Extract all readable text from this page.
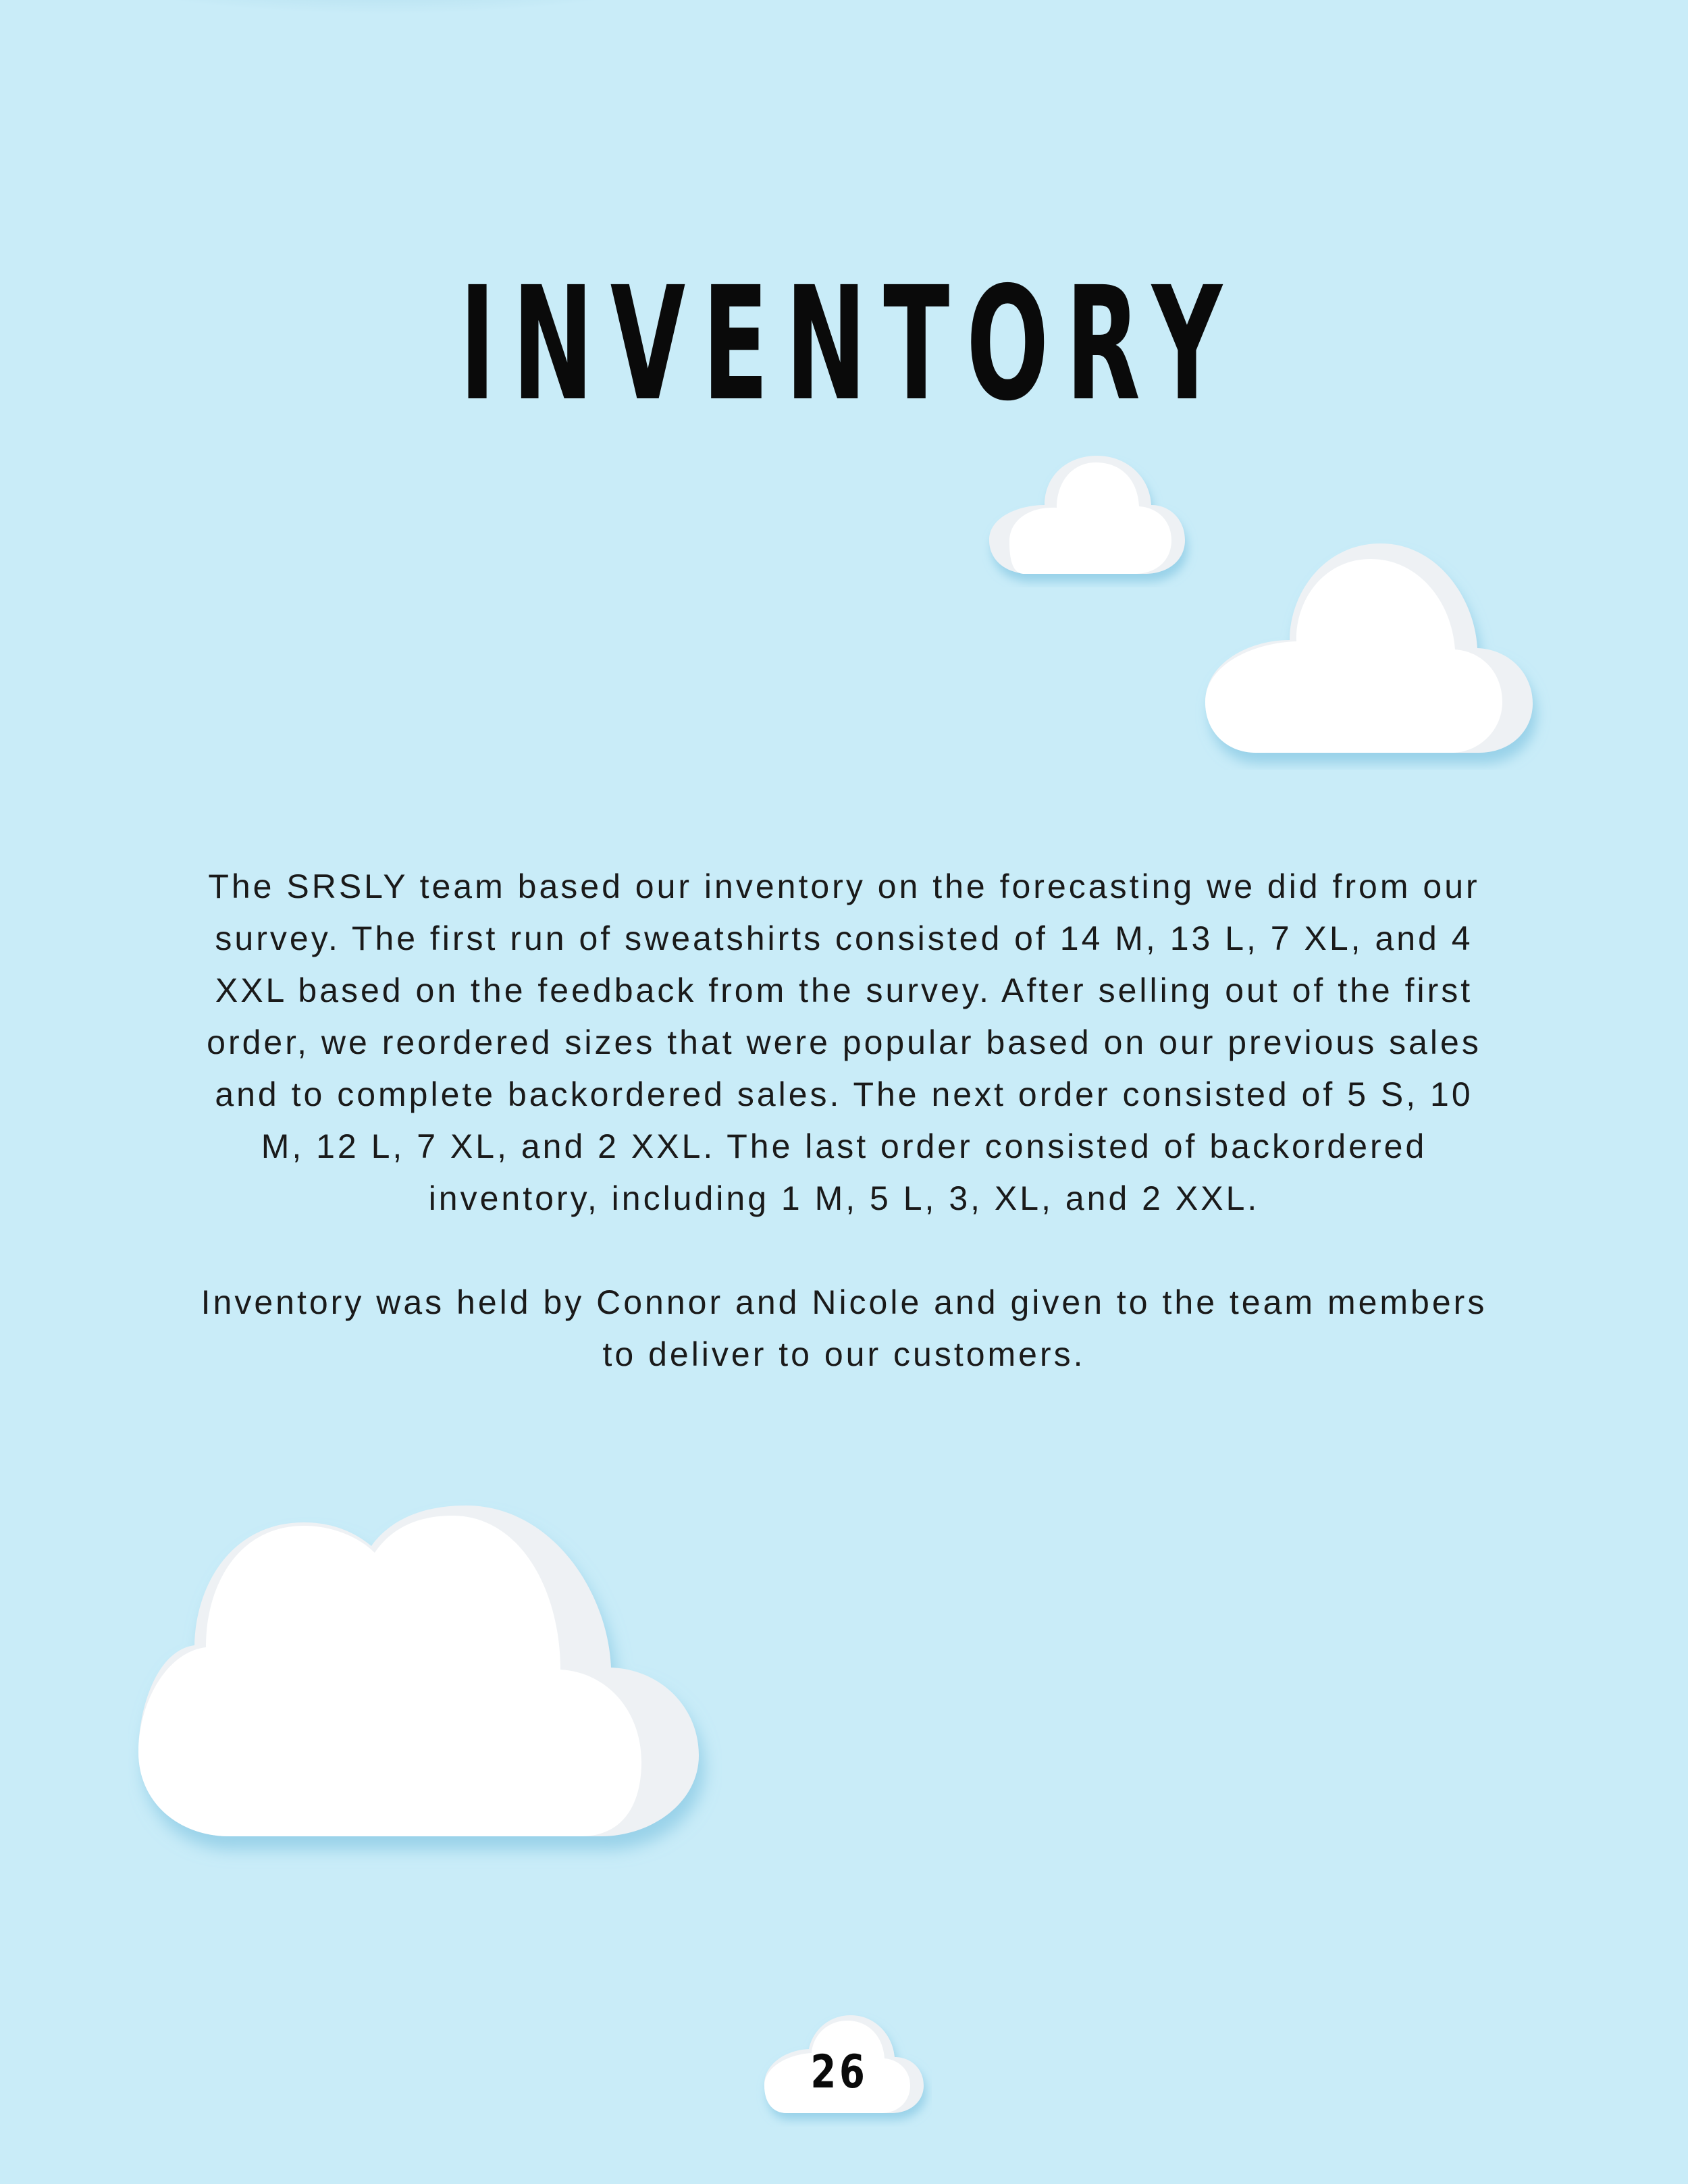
INVENTORY

The SRSLY team based our inventory on the forecasting we did from our survey. The first run of sweatshirts consisted of 14 M, 13 L, 7 XL, and 4 XXL based on the feedback from the survey. After selling out of the first order, we reordered sizes that were popular based on our previous sales and to complete backordered sales. The next order consisted of 5 S, 10 M, 12 L, 7 XL, and 2 XXL. The last order consisted of backordered inventory, including 1 M, 5 L, 3, XL, and 2 XXL.

Inventory was held by Connor and Nicole and given to the team members to deliver to our customers.

26
